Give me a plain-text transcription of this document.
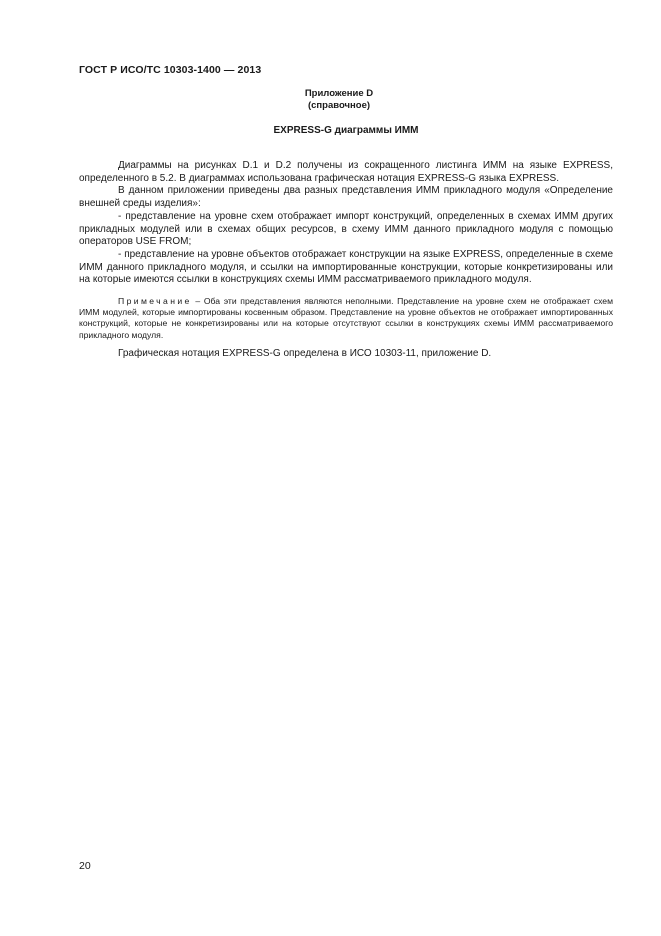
ГОСТ Р ИСО/ТС 10303-1400 — 2013
Приложение D
(справочное)
EXPRESS-G диаграммы ИММ

Диаграммы на рисунках D.1 и D.2 получены из сокращенного листинга ИММ на языке EXPRESS, определенного в 5.2. В диаграммах использована графическая нотация EXPRESS-G языка EXPRESS.

В данном приложении приведены два разных представления ИММ прикладного модуля «Определение внешней среды изделия»:

- представление на уровне схем отображает импорт конструкций, определенных в схемах ИММ других прикладных модулей или в схемах общих ресурсов, в схему ИММ данного прикладного модуля с помощью операторов USE FROM;

- представление на уровне объектов отображает конструкции на языке EXPRESS, определенные в схеме ИММ данного прикладного модуля, и ссылки на импортированные конструкции, которые конкретизированы или на которые имеются ссылки в конструкциях схемы ИММ рассматриваемого прикладного модуля.

Примечание – Оба эти представления являются неполными. Представление на уровне схем не отображает схем ИММ модулей, которые импортированы косвенным образом. Представление на уровне объектов не отображает импортированных конструкций, которые не конкретизированы или на которые отсутствуют ссылки в конструкциях схемы ИММ рассматриваемого прикладного модуля.

Графическая нотация EXPRESS-G определена в ИСО 10303-11, приложение D.

20
